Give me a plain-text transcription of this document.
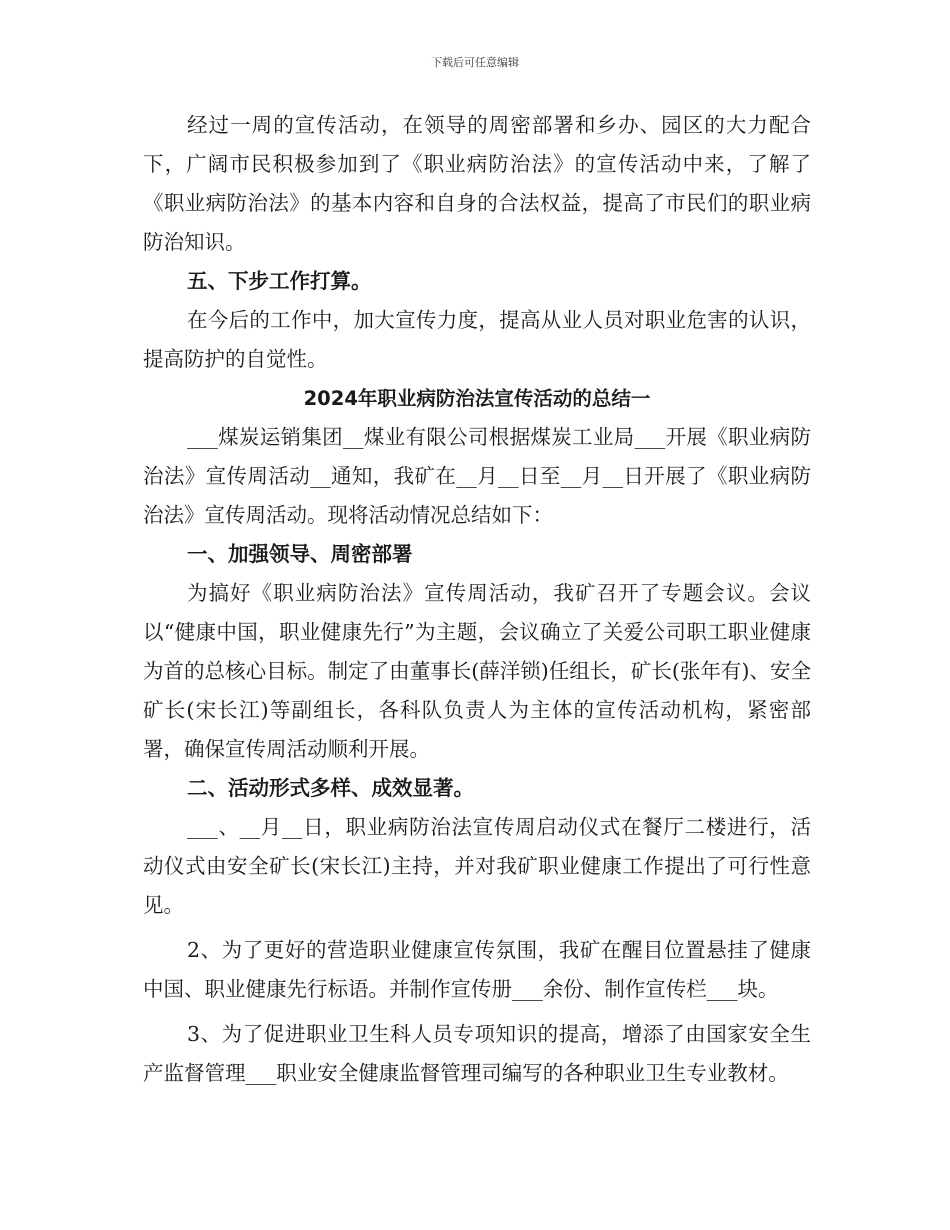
下载后可任意编辑

经过一周的宣传活动，在领导的周密部署和乡办、园区的大力配合下，广阔市民积极参加到了《职业病防治法》的宣传活动中来，了解了《职业病防治法》的基本内容和自身的合法权益，提高了市民们的职业病防治知识。

五、下步工作打算。

在今后的工作中，加大宣传力度，提高从业人员对职业危害的认识，提高防护的自觉性。

2024年职业病防治法宣传活动的总结一

___煤炭运销集团__煤业有限公司根据煤炭工业局___开展《职业病防治法》宣传周活动__通知，我矿在__月__日至__月__日开展了《职业病防治法》宣传周活动。现将活动情况总结如下：

一、加强领导、周密部署

为搞好《职业病防治法》宣传周活动，我矿召开了专题会议。会议以“健康中国，职业健康先行”为主题，会议确立了关爱公司职工职业健康为首的总核心目标。制定了由董事长(薛洋锁)任组长，矿长(张年有)、安全矿长(宋长江)等副组长，各科队负责人为主体的宣传活动机构，紧密部署，确保宣传周活动顺利开展。

二、活动形式多样、成效显著。

___、__月__日，职业病防治法宣传周启动仪式在餐厅二楼进行，活动仪式由安全矿长(宋长江)主持，并对我矿职业健康工作提出了可行性意见。

2、为了更好的营造职业健康宣传氛围，我矿在醒目位置悬挂了健康中国、职业健康先行标语。并制作宣传册___余份、制作宣传栏___块。

3、为了促进职业卫生科人员专项知识的提高，增添了由国家安全生产监督管理___职业安全健康监督管理司编写的各种职业卫生专业教材。
